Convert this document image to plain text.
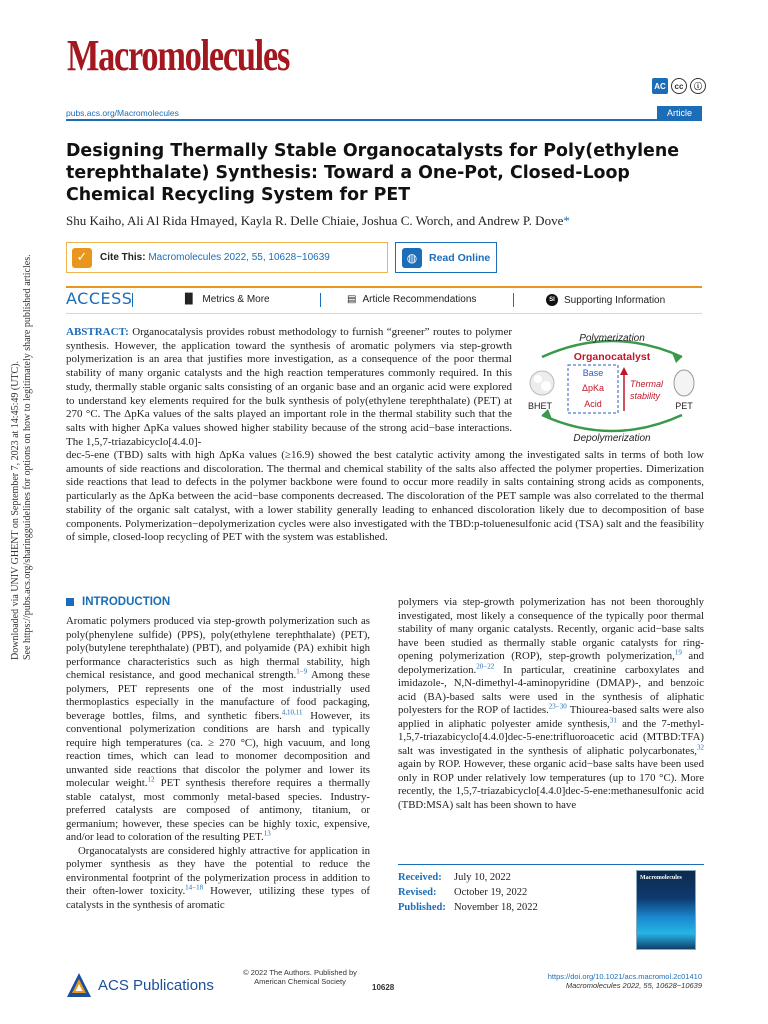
Macromolecules
AC	cc	ⓘ
pubs.acs.org/Macromolecules	Article
Designing Thermally Stable Organocatalysts for Poly(ethylene terephthalate) Synthesis: Toward a One-Pot, Closed-Loop Chemical Recycling System for PET
Shu Kaiho, Ali Al Rida Hmayed, Kayla R. Delle Chiaie, Joshua C. Worch, and Andrew P. Dove*
✓	Cite This: Macromolecules 2022, 55, 10628−10639	◍	Read Online
ACCESS	▐▌ Metrics & More	▤ Article Recommendations	SI Supporting Information
ABSTRACT: Organocatalysis provides robust methodology to furnish “greener” routes to polymer synthesis. However, the application toward the synthesis of aromatic polymers via step-growth polymerization is an area that justifies more investigation, as a consequence of the poor thermal stability of many organic catalysts and the high reaction temperatures commonly required. In this study, thermally stable organic salts consisting of an organic base and an organic acid were explored to understand key elements required for the bulk synthesis of poly(ethylene terephthalate) (PET) at 270 °C. The ΔpKa values of the salts played an important role in the thermal stability such that the salts with higher ΔpKa values showed higher stability because of the strong acid−base interactions. The 1,5,7-triazabicyclo[4.4.0]-
dec-5-ene (TBD) salts with high ΔpKa values (≥16.9) showed the best catalytic activity among the investigated salts in terms of both low amounts of side reactions and discoloration. The thermal and chemical stability of the salts also affected the polymer properties. Dimerization side reactions that lead to defects in the polymer backbone were found to occur more readily in salts containing strong acids as components, particularly as the ΔpKa between the acid−base components decreased. The discoloration of the PET sample was also correlated to the thermal stability of the organic salt catalyst, with a lower stability generally leading to enhanced discoloration likely due to decomposition of base components. Polymerization−depolymerization cycles were also investigated with the TBD:p-toluenesulfonic acid (TSA) salt and the feasibility of simple, closed-loop recycling of PET with the system was established.
Polymerization
Organocatalyst
Base
ΔpKa
Acid
Thermal
stability
BHET	PET
Depolymerization
Downloaded via UNIV GHENT on September 7, 2023 at 14:45:49 (UTC). See https://pubs.acs.org/sharingguidelines for options on how to legitimately share published articles.	INTRODUCTION

Aromatic polymers produced via step-growth polymerization such as poly(phenylene sulfide) (PPS), poly(ethylene terephthalate) (PET), poly(butylene terephthalate) (PBT), and polyamide (PA) exhibit high performance characteristics such as high thermal stability, high chemical resistance, and good mechanical strength.$^{1-9}$ Among these polymers, PET represents one of the most industrially used thermoplastics especially in the manufacture of food packaging, beverage bottles, films, and synthetic fibers.$^{4,10,11}$ However, its conventional polymerization conditions are harsh and typically require high temperatures (ca. ≥ 270 °C), high vacuum, and long reaction times, which can lead to monomer decomposition and unwanted side reactions that discolor the polymer and lower its molecular weight.$^{12}$ PET synthesis therefore requires a thermally stable catalyst, most commonly metal-based species. Industry-preferred catalysts are composed of antimony, titanium, or germanium; however, these species can be highly toxic, expensive, and/or lead to coloration of the resulting PET.$^{13}$

Organocatalysts are considered highly attractive for application in polymer synthesis as they have the potential to reduce the environmental footprint of the polymerization process in addition to their often-lower toxicity.$^{14-18}$ However, utilizing these types of catalysts in the synthesis of aromatic

polymers via step-growth polymerization has not been thoroughly investigated, most likely a consequence of the typically poor thermal stability of many organic catalysts. Recently, organic acid−base salts have been studied as thermally stable organic catalysts for ring-opening polymerization (ROP), step-growth polymerization,$^{19}$ and depolymerization.$^{20-22}$ In particular, creatinine carboxylates and imidazole-, N,N-dimethyl-4-aminopyridine (DMAP)-, and benzoic acid (BA)-based salts were used in the synthesis of aliphatic polyesters for the ROP of lactides.$^{23-30}$ Thiourea-based salts were also applied in aliphatic polyester amide synthesis,$^{31}$ and the 7-methyl-1,5,7-triazabicyclo[4.4.0]dec-5-ene:trifluoroacetic acid (MTBD:TFA) salt was investigated in the synthesis of aliphatic polycarbonates,$^{32}$ again by ROP. However, these organic acid−base salts have been used only in ROP under relatively low temperatures (up to 170 °C). More recently, the 1,5,7-triazabicyclo[4.4.0]dec-5-ene:methanesulfonic acid (TBD:MSA) salt has been shown to have

Received:	July 10, 2022
Revised:	October 19, 2022
Published: November 18, 2022
Macromolecules
ACS Publications
© 2022 The Authors. Published by American Chemical Society
10628
https://doi.org/10.1021/acs.macromol.2c01410
Macromolecules 2022, 55, 10628−10639
